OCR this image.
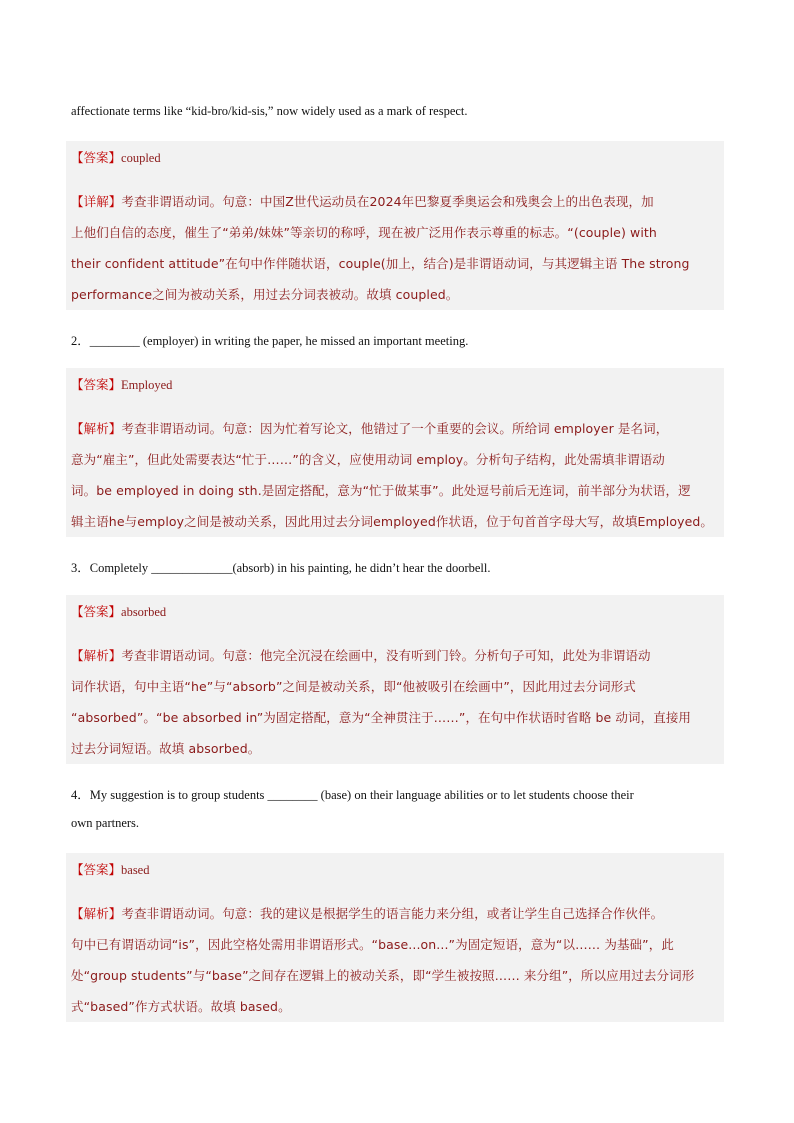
affectionate terms like “kid-bro/kid-sis,” now widely used as a mark of respect.
【答案】coupled
【详解】考查非谓语动词。句意：中国Z世代运动员在2024年巴黎夏季奥运会和残奥会上的出色表现，加
上他们自信的态度，催生了“弟弟/妹妹”等亲切的称呼，现在被广泛用作表示尊重的标志。“(couple) with
their confident attitude”在句中作伴随状语，couple(加上，结合)是非谓语动词，与其逻辑主语 The strong
performance之间为被动关系，用过去分词表被动。故填 coupled。
2．________ (employer) in writing the paper, he missed an important meeting.
【答案】Employed
【解析】考查非谓语动词。句意：因为忙着写论文，他错过了一个重要的会议。所给词 employer 是名词，
意为“雇主”，但此处需要表达“忙于……”的含义，应使用动词 employ。分析句子结构，此处需填非谓语动
词。be employed in doing sth.是固定搭配，意为“忙于做某事”。此处逗号前后无连词，前半部分为状语，逻
辑主语he与employ之间是被动关系，因此用过去分词employed作状语，位于句首首字母大写，故填Employed。
3．Completely _____________(absorb) in his painting, he didn’t hear the doorbell.
【答案】absorbed
【解析】考查非谓语动词。句意：他完全沉浸在绘画中，没有听到门铃。分析句子可知，此处为非谓语动
词作状语，句中主语“he”与“absorb”之间是被动关系，即“他被吸引在绘画中”，因此用过去分词形式
“absorbed”。“be absorbed in”为固定搭配，意为“全神贯注于……”，在句中作状语时省略 be 动词，直接用
过去分词短语。故填 absorbed。
4．My suggestion is to group students ________ (base) on their language abilities or to let students choose their
own partners.
【答案】based
【解析】考查非谓语动词。句意：我的建议是根据学生的语言能力来分组，或者让学生自己选择合作伙伴。
句中已有谓语动词“is”，因此空格处需用非谓语形式。“base...on...”为固定短语，意为“以…… 为基础”，此
处“group students”与“base”之间存在逻辑上的被动关系，即“学生被按照…… 来分组”，所以应用过去分词形
式“based”作方式状语。故填 based。
